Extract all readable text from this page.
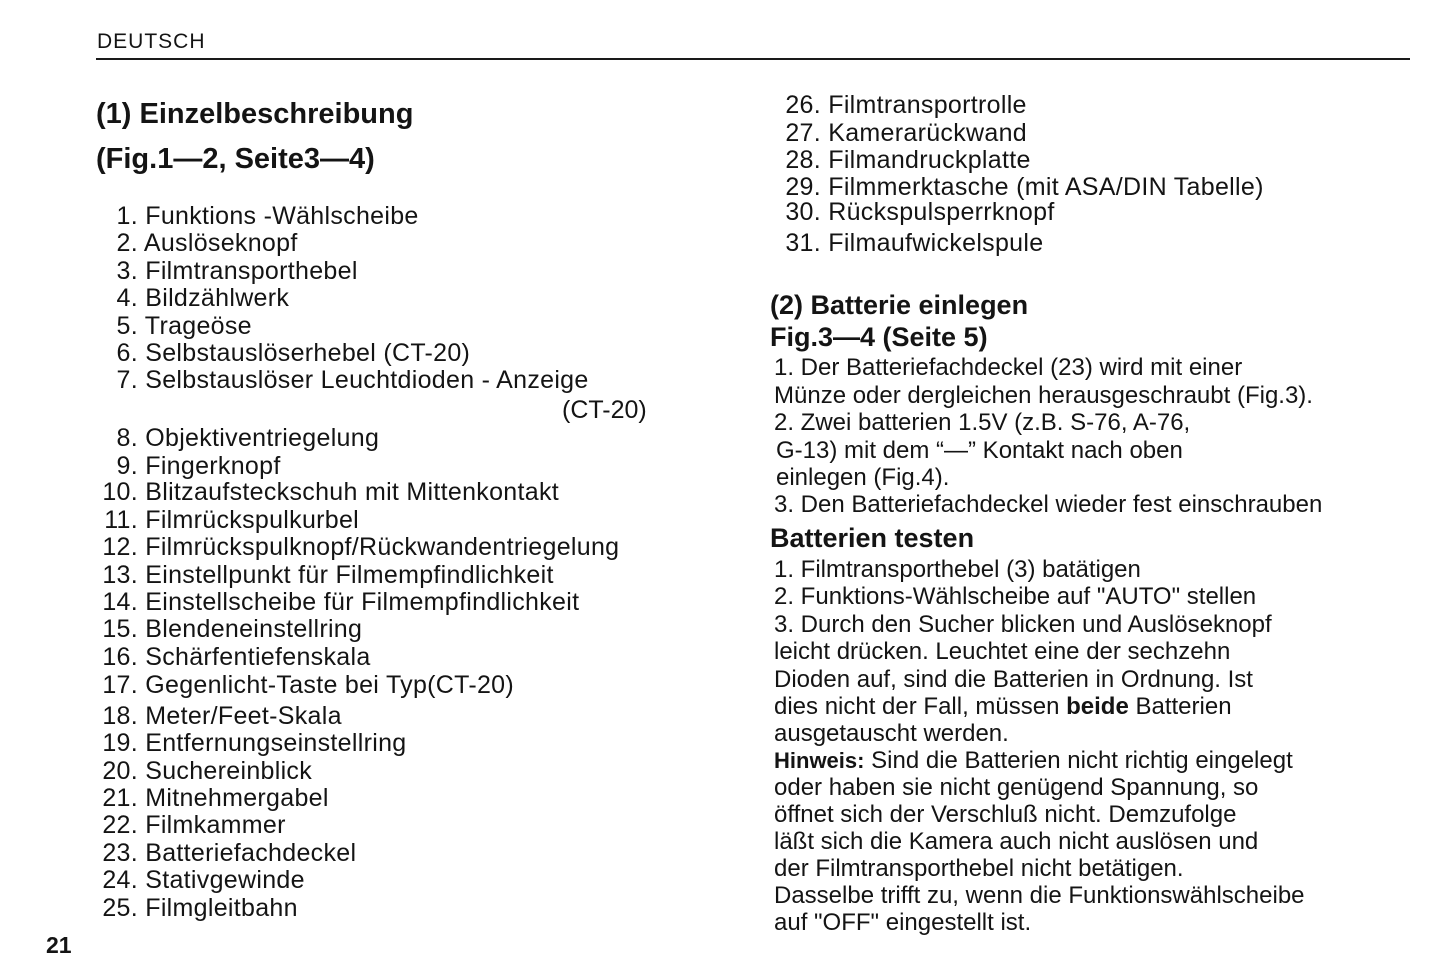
DEUTSCH
(1) Einzelbeschreibung
(Fig.1—2, Seite3—4)
1. Funktions -Wählscheibe
2. Auslöseknopf
3. Filmtransporthebel
4. Bildzählwerk
5. Trageöse
6. Selbstauslöserhebel (CT-20)
7. Selbstauslöser Leuchtdioden - Anzeige
8. Objektiventriegelung
9. Fingerknopf
10. Blitzaufsteckschuh mit Mittenkontakt
11. Filmrückspulkurbel
12. Filmrückspulknopf/Rückwandentriegelung
13. Einstellpunkt für Filmempfindlichkeit
14. Einstellscheibe für Filmempfindlichkeit
15. Blendeneinstellring
16. Schärfentiefenskala
17. Gegenlicht-Taste bei Typ(CT-20)
18. Meter/Feet-Skala
19. Entfernungseinstellring
20. Suchereinblick
21. Mitnehmergabel
22. Filmkammer
23. Batteriefachdeckel
24. Stativgewinde
25. Filmgleitbahn
(CT-20)
26. Filmtransportrolle
27. Kamerarückwand
28. Filmandruckplatte
29. Filmmerktasche (mit ASA/DIN Tabelle)
30. Rückspulsperrknopf
31. Filmaufwickelspule
(2) Batterie einlegen
Fig.3—4 (Seite 5)
1. Der Batteriefachdeckel (23) wird mit einer
Münze oder dergleichen herausgeschraubt (Fig.3).
2. Zwei batterien 1.5V (z.B. S-76, A-76,
G-13) mit dem “—” Kontakt nach oben
einlegen (Fig.4).
3. Den Batteriefachdeckel wieder fest einschrauben
Batterien testen
1. Filmtransporthebel (3) batätigen
2. Funktions-Wählscheibe auf "AUTO" stellen
3. Durch den Sucher blicken und Auslöseknopf
leicht drücken. Leuchtet eine der sechzehn
Dioden auf, sind die Batterien in Ordnung. Ist
dies nicht der Fall, müssen beide Batterien
ausgetauscht werden.
Hinweis: Sind die Batterien nicht richtig eingelegt
oder haben sie nicht genügend Spannung, so
öffnet sich der Verschluß nicht. Demzufolge
läßt sich die Kamera auch nicht auslösen und
der Filmtransporthebel nicht betätigen.
Dasselbe trifft zu, wenn die Funktionswählscheibe
auf "OFF" eingestellt ist.
21
